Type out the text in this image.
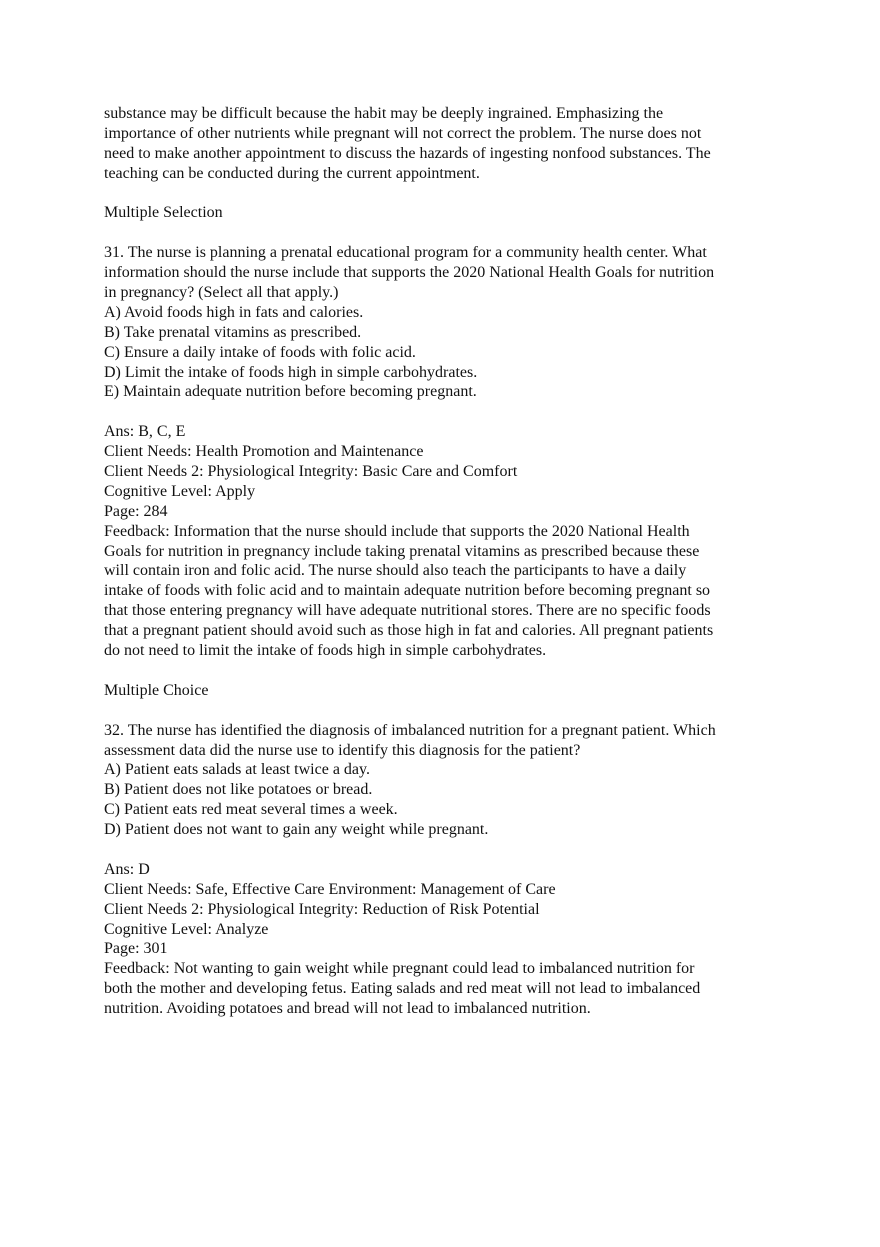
substance may be difficult because the habit may be deeply ingrained. Emphasizing the
importance of other nutrients while pregnant will not correct the problem. The nurse does not
need to make another appointment to discuss the hazards of ingesting nonfood substances. The
teaching can be conducted during the current appointment.
Multiple Selection
31. The nurse is planning a prenatal educational program for a community health center. What
information should the nurse include that supports the 2020 National Health Goals for nutrition
in pregnancy? (Select all that apply.)
A) Avoid foods high in fats and calories.
B) Take prenatal vitamins as prescribed.
C) Ensure a daily intake of foods with folic acid.
D) Limit the intake of foods high in simple carbohydrates.
E) Maintain adequate nutrition before becoming pregnant.
Ans: B, C, E
Client Needs: Health Promotion and Maintenance
Client Needs 2: Physiological Integrity: Basic Care and Comfort
Cognitive Level: Apply
Page: 284
Feedback: Information that the nurse should include that supports the 2020 National Health
Goals for nutrition in pregnancy include taking prenatal vitamins as prescribed because these
will contain iron and folic acid. The nurse should also teach the participants to have a daily
intake of foods with folic acid and to maintain adequate nutrition before becoming pregnant so
that those entering pregnancy will have adequate nutritional stores. There are no specific foods
that a pregnant patient should avoid such as those high in fat and calories. All pregnant patients
do not need to limit the intake of foods high in simple carbohydrates.
Multiple Choice
32. The nurse has identified the diagnosis of imbalanced nutrition for a pregnant patient. Which
assessment data did the nurse use to identify this diagnosis for the patient?
A) Patient eats salads at least twice a day.
B) Patient does not like potatoes or bread.
C) Patient eats red meat several times a week.
D) Patient does not want to gain any weight while pregnant.
Ans: D
Client Needs: Safe, Effective Care Environment: Management of Care
Client Needs 2: Physiological Integrity: Reduction of Risk Potential
Cognitive Level: Analyze
Page: 301
Feedback: Not wanting to gain weight while pregnant could lead to imbalanced nutrition for
both the mother and developing fetus. Eating salads and red meat will not lead to imbalanced
nutrition. Avoiding potatoes and bread will not lead to imbalanced nutrition.
